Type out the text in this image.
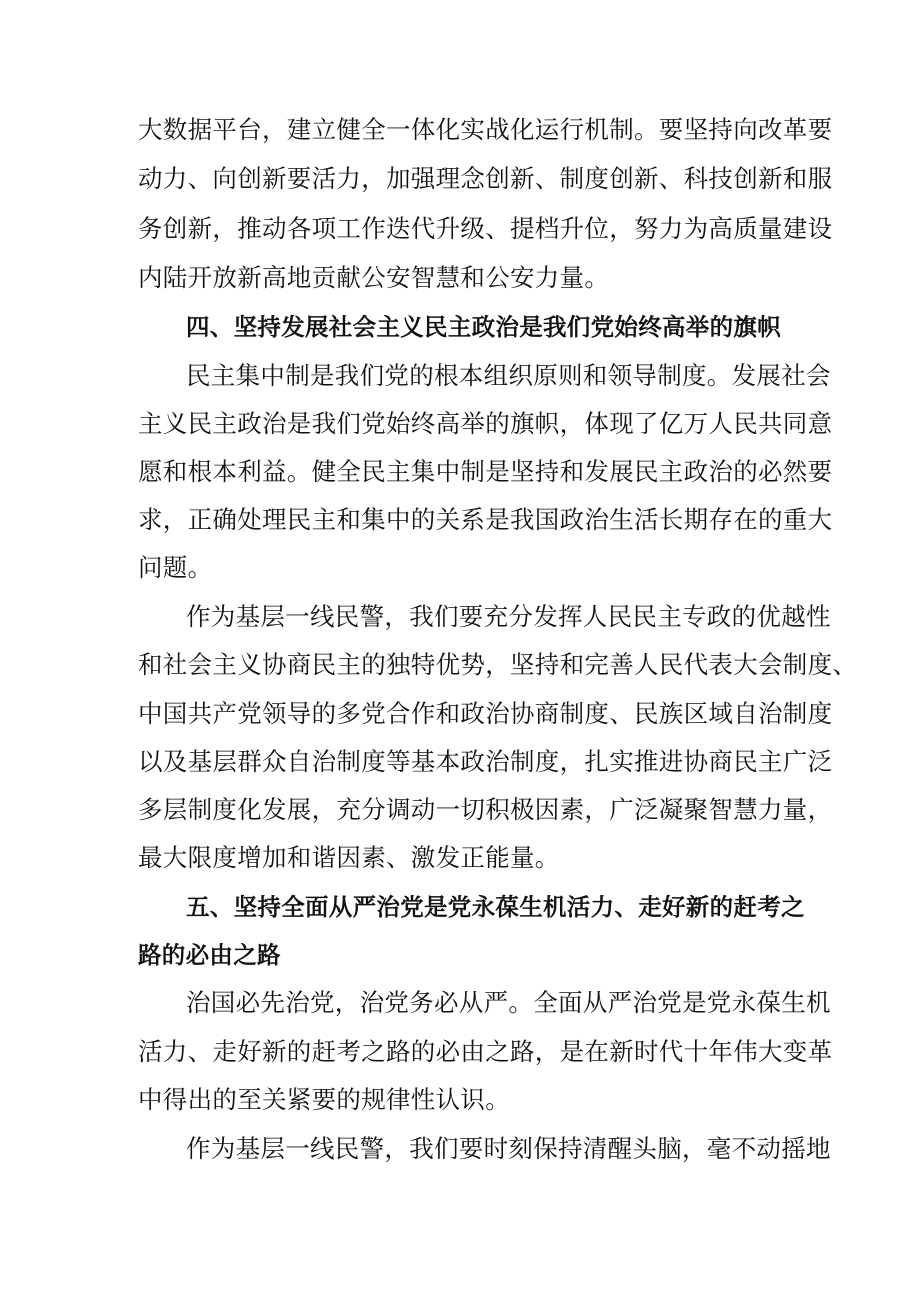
大数据平台，建立健全一体化实战化运行机制。要坚持向改革要
动力、向创新要活力，加强理念创新、制度创新、科技创新和服
务创新，推动各项工作迭代升级、提档升位，努力为高质量建设
内陆开放新高地贡献公安智慧和公安力量。
四、坚持发展社会主义民主政治是我们党始终高举的旗帜
民主集中制是我们党的根本组织原则和领导制度。发展社会
主义民主政治是我们党始终高举的旗帜，体现了亿万人民共同意
愿和根本利益。健全民主集中制是坚持和发展民主政治的必然要
求，正确处理民主和集中的关系是我国政治生活长期存在的重大
问题。
作为基层一线民警，我们要充分发挥人民民主专政的优越性
和社会主义协商民主的独特优势，坚持和完善人民代表大会制度、
中国共产党领导的多党合作和政治协商制度、民族区域自治制度
以及基层群众自治制度等基本政治制度，扎实推进协商民主广泛
多层制度化发展，充分调动一切积极因素，广泛凝聚智慧力量，
最大限度增加和谐因素、激发正能量。
五、坚持全面从严治党是党永葆生机活力、走好新的赶考之
路的必由之路
治国必先治党，治党务必从严。全面从严治党是党永葆生机
活力、走好新的赶考之路的必由之路，是在新时代十年伟大变革
中得出的至关紧要的规律性认识。
作为基层一线民警，我们要时刻保持清醒头脑，毫不动摇地
